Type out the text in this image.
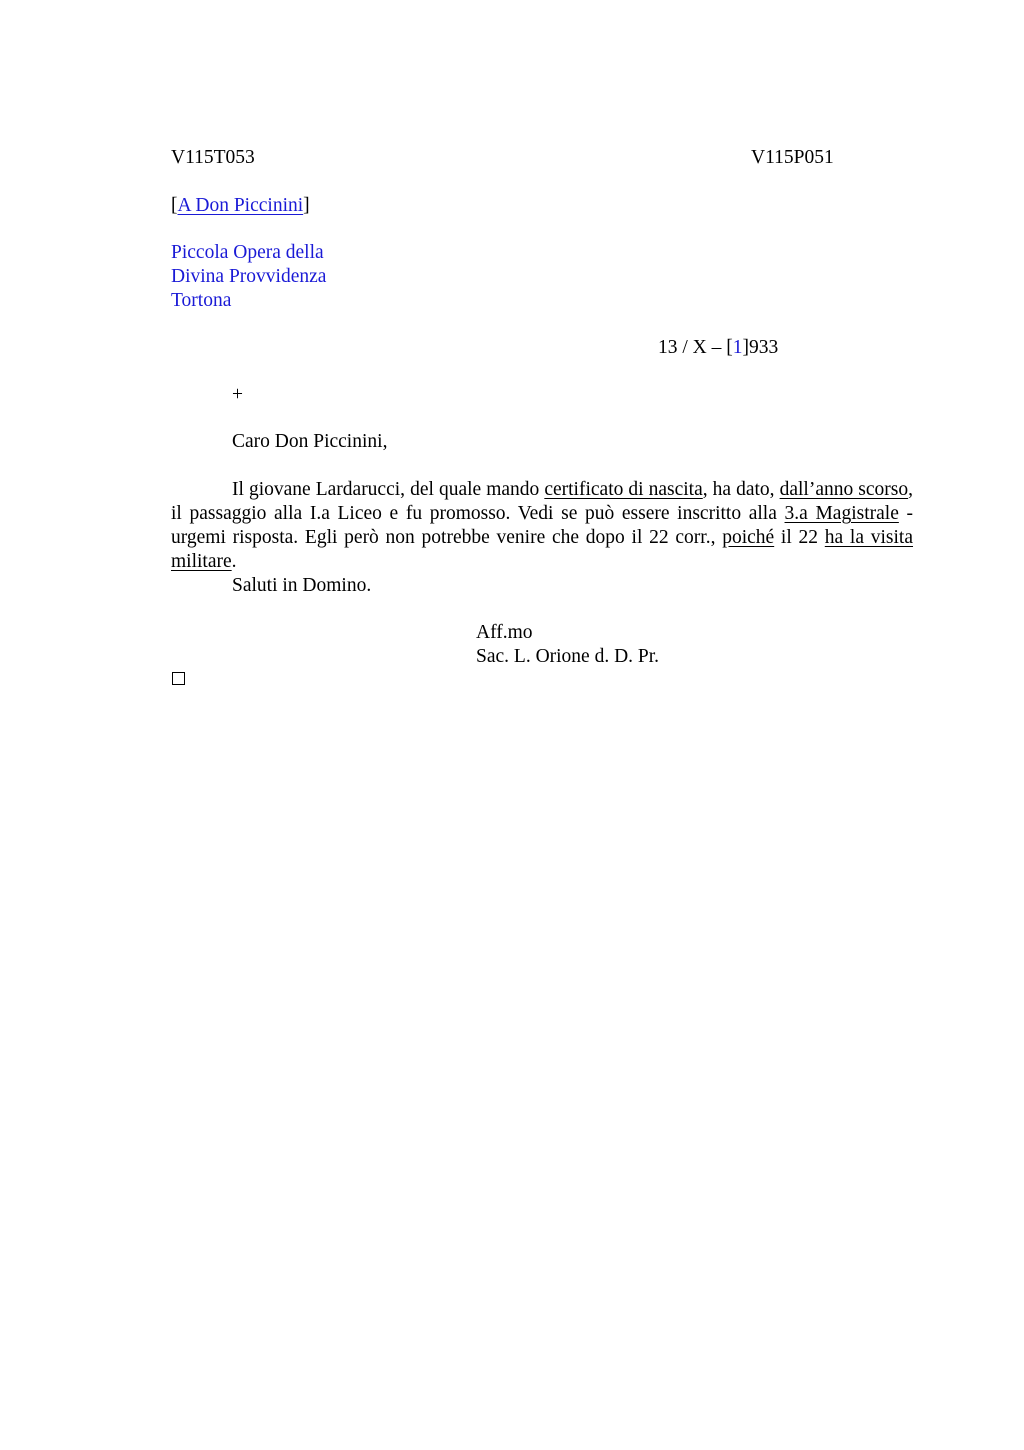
V115T053	V115P051
[A Don Piccinini]
Piccola Opera della
Divina Provvidenza
Tortona
13 / X – [1]933
+
Caro Don Piccinini,
Il giovane Lardarucci, del quale mando certificato di nascita, ha dato, dall’anno scorso, il passaggio alla I.a Liceo e fu promosso. Vedi se può essere inscritto alla 3.a Magistrale - urgemi risposta. Egli però non potrebbe venire che dopo il 22 corr., poiché il 22 ha la visita militare.
Saluti in Domino.
Aff.mo
Sac. L. Orione d. D. Pr.
